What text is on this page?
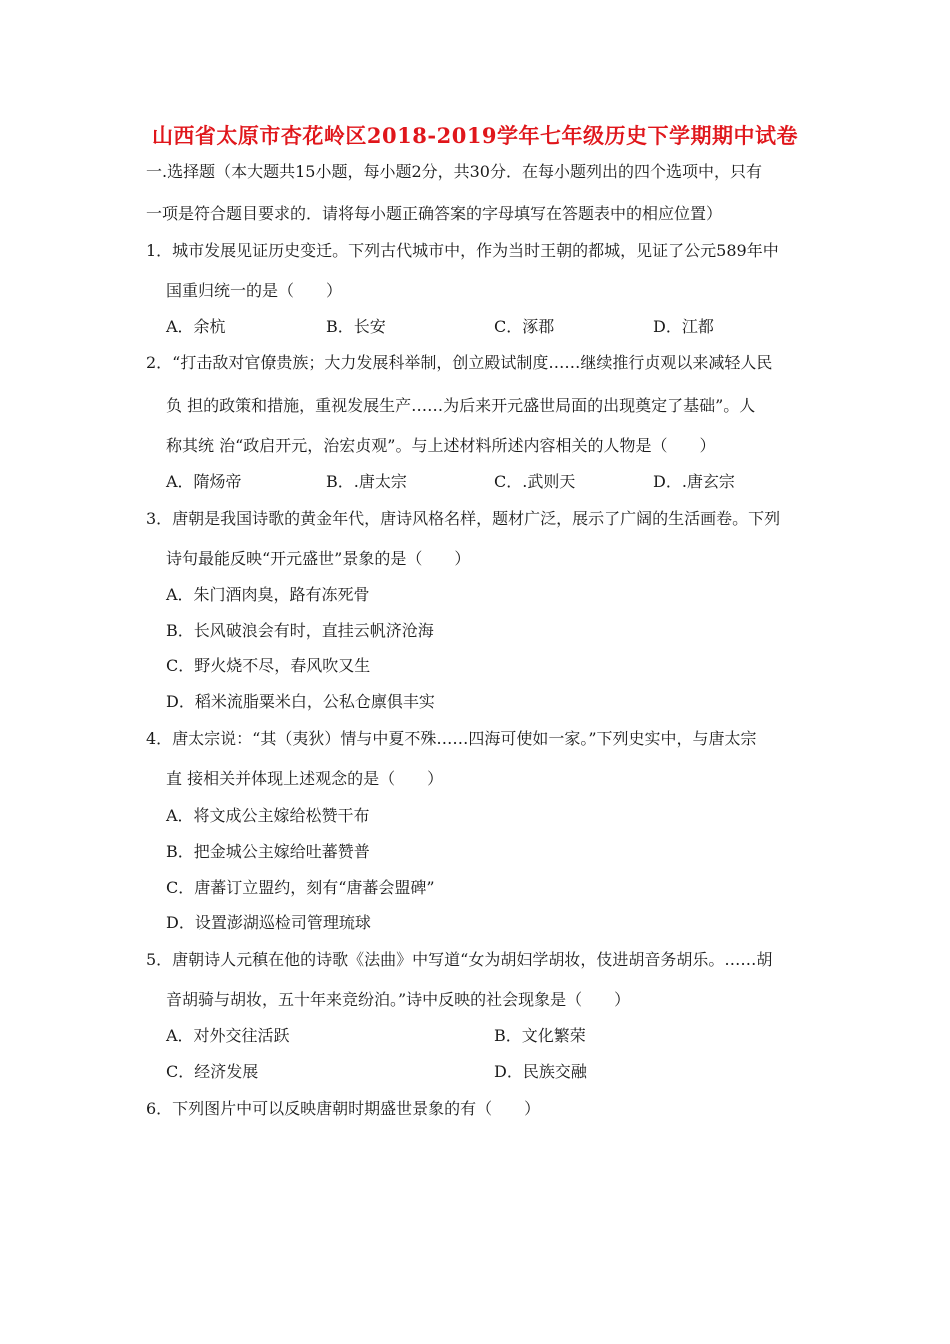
山西省太原市杏花岭区2018-2019学年七年级历史下学期期中试卷
一.选择题（本大题共15小题，每小题2分，共30分．在每小题列出的四个选项中，只有
一项是符合题目要求的．请将每小题正确答案的字母填写在答题表中的相应位置）
1．城市发展见证历史变迁。下列古代城市中，作为当时王朝的都城，见证了公元589年中
国重归统一的是（　　）
A．余杭	B．长安	C．涿郡	D．江都
2．“打击敌对官僚贵族；大力发展科举制，创立殿试制度……继续推行贞观以来减轻人民
负 担的政策和措施，重视发展生产……为后来开元盛世局面的出现奠定了基础”。人
称其统 治“政启开元，治宏贞观”。与上述材料所述内容相关的人物是（　　）
A．隋炀帝	B．.唐太宗	C．.武则天	D．.唐玄宗
3．唐朝是我国诗歌的黄金年代，唐诗风格名样，题材广泛，展示了广阔的生活画卷。下列
诗句最能反映“开元盛世”景象的是（　　）
A．朱门酒肉臭，路有冻死骨
B．长风破浪会有时，直挂云帆济沧海
C．野火烧不尽，春风吹又生
D．稻米流脂粟米白，公私仓廪俱丰实
4．唐太宗说：“其（夷狄）情与中夏不殊……四海可使如一家。”下列史实中，与唐太宗
直 接相关并体现上述观念的是（　　）
A．将文成公主嫁给松赞干布
B．把金城公主嫁给吐蕃赞普
C．唐蕃订立盟约，刻有“唐蕃会盟碑”
D．设置澎湖巡检司管理琉球
5．唐朝诗人元稹在他的诗歌《法曲》中写道“女为胡妇学胡妆，伎进胡音务胡乐。……胡
音胡骑与胡妆，五十年来竞纷泊。”诗中反映的社会现象是（　　）
A．对外交往活跃	B．文化繁荣
C．经济发展	D．民族交融
6．下列图片中可以反映唐朝时期盛世景象的有（　　）
